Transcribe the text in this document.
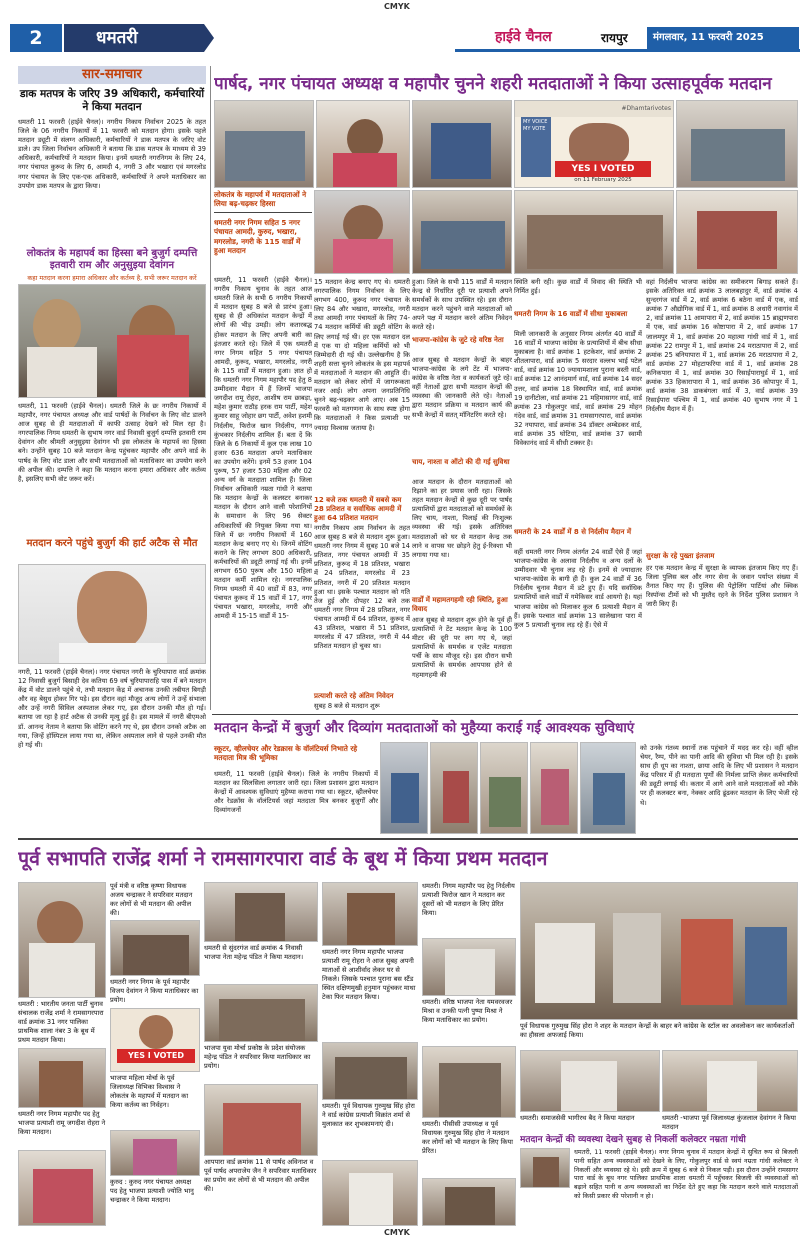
CMYK
2	धमतरी	हाईवे चैनल	रायपुर	मंगलवार, 11 फरवरी 2025
सार-समाचार
डाक मतपत्र के जरिए 39 अधिकारी, कर्मचारियों ने किया मतदान
धमतरी 11 फरवरी (हाईवे चैनल)। नगरीय निकाय निर्वाचन 2025 के तहत जिले के 06 नगरीय निकायों में 11 फरवरी को मतदान होगा। इसके पहले मतदान ड्यूटी में संलग्न अधिकारी, कर्मचारियों ने डाक मतपत्र के जरिए वोट डाले। उप जिला निर्वाचन अधिकारी ने बताया कि डाक मतपत्र के माध्यम से 39 अधिकारी, कर्मचारियों ने मतदान किया। इनमें धमतरी नगरनिगम के लिए 24, नगर पंचायत कुरूद के लिए 6, आमदी 4, नगरी 3 और भखारा एवं मगरलोड नगर पंचायत के लिए एक-एक अधिकारी, कर्मचारियों ने अपने मताधिकार का उपयोग डाक मतपत्र के द्वारा किया।
लोकतंत्र के महापर्व का हिस्सा बने बुजुर्ग दम्पत्ति इतवारी राम और अनुसुइया देवांगन
कहा मतदान करना हमारा अधिकार और कर्तव्य है, सभी जरूर मतदान करें
धमतरी, 11 फरवरी (हाईवे चैनल)। धमतरी जिले के छः नगरीय निकायों में महापौर, नगर पंचायत अध्यक्ष और वार्ड पार्षदों के निर्वाचन के लिए वोट डालने आज सुबह से ही मतदाताओं में काफी उत्साह देखने को मिल रहा है। नगरपालिक निगम धमतरी के सुभाष नगर वार्ड निवासी बुजुर्ग दम्पत्ति इतवारी राम देवांगन और श्रीमती अनुसुइया देवांगन भी इस लोकतंत्र के महापर्व का हिस्सा बने। उन्होंने सुबह 10 बजे मतदान केन्द्र पहुंचकर महापौर और अपने वार्ड के पार्षद के लिए वोट डाला और सभी मतदाताओं को मताधिकार का उपयोग करने की अपील की। दम्पत्ति ने कहा कि मतदान करना हमारा अधिकार और कर्तव्य है, इसलिए सभी वोट जरूर करें।
मतदान करने पहुंचे बुजुर्ग की हार्ट अटैक से मौत
नगरी, 11 फरवरी (हाईवे चैनल)। नगर पंचायत नगरी के चुरियापारा वार्ड क्रमांक 12 निवासी बुजुर्ग बिसाही देव कतिया 69 वर्ष चुरियापाराहि पास में बने मतदान केंद्र में वोट डालने पहुंचे थे, तभी मतदान केंद्र में अचानक उनकी तबीयत बिगड़ी और वह बेसुध होकर गिर पड़े। इस दौरान वहां मौजूद अन्य लोगों ने उन्हें संभाला और उन्हें नगरी सिविल अस्पताल लेकर गए, इस दौरान उनकी मौत हो गई। बताया जा रहा है हार्ट अटैक से उनकी मृत्यु हुई है। इस मामले में नगरी बीएमओ डॉ. आनन्द नेताम ने बताया कि वोटिंग करने गए थे, इस दौरान उनको अटैक आ गया, जिन्हें हॉस्पिटल लाया गया था, लेकिन अस्पताल लाने से पहले उनकी मौत हो गई थी।
पार्षद, नगर पंचायत अध्यक्ष व महापौर चुनने शहरी मतदाताओं ने किया उत्साहपूर्वक मतदान
#Dhamtarivotes
MY VOICE MY VOTE
YES I VOTED
on 11 February 2025
लोकतंत्र के महापर्व में मतदाताओं ने लिया बढ़-चढ़कर हिस्सा
धमतरी नगर निगम सहित 5 नगर पंचायत आमदी, कुरुद, भखारा, मगरलोड, नगरी के 115 वार्डों में हुआ मतदान
धमतरी, 11 फरवरी (हाईवे चैनल)। नगरीय निकाय चुनाव के तहत आज धमतरी जिले के सभी 6 नगरीय निकायों में मतदान सुबह 8 बजे से प्रारंभ हुआ। सुबह से ही अधिकांश मतदान केन्द्रों में लोगों की भीड़ उमड़ी। लोग कतारबद्ध होकर मतदान के लिए अपनी बारी का इंतजार करते रहे। जिले में एक धमतरी नगर निगम सहित 5 नगर पंचायत आमदी, कुरूद, भखारा, मगरलोड, नगरी के 115 वार्डों में मतदान हुआ। ज्ञात हो कि धमतरी नगर निगम महापौर पद हेतु 8 उम्मीदवार मैदान में हैं जिनमें भाजपा जगदीश रामू रोहरा, आशीष राम छाबड़ा, महेश कुमार राठौड़ हरक राम पार्टी, महेश कुमार साहू जोहार छग पार्टी, अवेश हशमी निर्दलीय, फिरोज खान निर्दलीय, गगन कुंभकार निर्दलीय शामिल हैं। बता दें कि जिले के 6 निकायों में कुल एक लाख 10 हजार 636 मतदाता अपने मताधिकार का उपयोग करेंगे। इनमें 53 हजार 104 पुरूष, 57 हजार 530 महिला और 02 अन्य वर्ग के मतदाता शामिल हैं। जिला निर्वाचन अधिकारी नम्रता गांधी ने बताया कि मतदान केन्द्रों के कलस्टर बनाकर मतदान के दौरान आने वाली परेशानियों के समाधान के लिए 96 सेक्टर अधिकारियों की नियुक्त किया गया था। जिले में छः नगरीय निकायों में 160 मतदान केन्द्र बनाए गए थे। जिनमें वोटिंग कराने के लिए लगभग 800 अधिकारी, कर्मचारियों की ड्यूटी लगाई गई थी। इनमें लगभग 650 पुरूष और 150 महिला मतदान कर्मी शामिल रहे। नगरपालिक निगम धमतरी में 40 वार्डों में 83, नगर पंचायत कुरूद में 15 वार्डों में 17, नगर पंचायत भखारा, मगरलोड, नगरी और आमदी में 15-15 वार्डों में 15-
15 मतदान केन्द्र बनाए गए थे। धमतरी नगरपालिक निगम निर्वाचन के लिए लगभग 400, कुरूद नगर पंचायत के लिए 84 और भखारा, मगरलोड, नगरी तथा आमदी नगर पंचायतों के लिए 74-74 मतदान कर्मियों की ड्यूटी वोटिंग के लिए लगाई गई थी। हर एक मतदान दल में एक या दो महिला कर्मियों को भी जिम्मेदारी दी गई थी। उल्लेखनीय है कि शहरी सत्ता चुनने लोकतंत्र के इस महापर्व में मतदाताओं ने मतदान की आहुति दी। मतदान को लेकर लोगों में जागरूकता नजर आई। लोग अपना जनप्रतिनिधि चुनने बढ़-चढ़कर आगे आए। अब 15 फरवरी को मतगणना के साथ स्पष्ट होगा कि मतदाताओं ने किस प्रत्याशी पर ज्यादा विश्वास जताया है।
12 बजे तक धमतरी में सबसे कम 28 प्रतिशत व सर्वाधिक आमदी में हुआ 64 प्रतिशत मतदान
नगरीय निकाय आम निर्वाचन के तहत आज सुबह 8 बजे से मतदान शुरू हुआ। धमतरी नगर निगम में सुबह 10 बजे 14 प्रतिशत, नगर पंचायत आमदी में 35 प्रतिशत, कुरूद में 18 प्रतिशत, भखारा में 24 प्रतिशत, मगरलोड में 23 प्रतिशत, नगरी में 20 प्रतिशत मतदान हुआ था। इसके पश्चात मतदान को गति तेज हुई और दोपहर 12 बजे तक धमतरी नगर निगम में 28 प्रतिशत, नगर पंचायत आमदी में 64 प्रतिशत, कुरूद में 43 प्रतिशत, भखारा में 51 प्रतिशत, मगरलोड में 47 प्रतिशत, नगरी में 44 प्रतिशत मतदान हो चुका था।
प्रत्याशी करते रहे अंतिम निवेदन
सुबह 8 बजे से मतदान शुरू
हुआ। जिले के सभी 115 वार्डों में मतदान केन्द्र से निर्धारित दूरी पर प्रत्याशी अपने समर्थकों के साथ उपस्थित रहे। इस दौरान मतदान करने पहुंचने वाले मतदाताओं को अपने पक्ष में मतदान करने अंतिम निवेदन करते रहे।
भाजपा-कांग्रेस के जुटे रहे वरिष्ठ नेता
आज सुबह से मतदान केन्द्रों के बाहर भाजपा-कांग्रेस के लगे टेंट में भाजपा-कांग्रेस के वरिष्ठ नेता व कार्यकर्ता जुटे रहे। वहीं नेताओं द्वारा सभी मतदान केन्द्रों की व्यवस्था की जानकारी लेते रहे। नेताओं द्वारा मतदान प्रक्रिया व मतदान कार्य की सभी केन्द्रों में सतत् मॉनिटरिंग करते रहे।
चाय, नाश्ता व ऑटो की दी गई सुविधा
आज मतदान के दौरान मतदाताओं को रिझाने का हर प्रयास जारी रहा। जिसके तहत मतदान केन्द्रों से कुछ दूरी पर पार्षद प्रत्याशियों द्वारा मतदाताओं को समर्थकों के लिए चाय, नाश्ता, पिलाई की निःशुल्क व्यवस्था की गई। इसके अतिरिक्त मतदाताओं को घर से मतदान केन्द्र तक लाने व वापस घर छोड़ने हेतु ई-रिक्शा भी लगाया गया था।
वार्डों में महामतगहमी रही स्थिति, हुआ विवाद
आज सुबह से मतदान शुरू होने के पूर्व ही प्रत्याशियों ने टेंट मतदान केन्द्र के 100 मीटर की दूरी पर लग गए थे, जहां प्रत्याशियों के समर्थक व एजेंट मतदाता पर्ची के साथ मौजूद रहे। इस दौरान सभी प्रत्याशियों के समर्थक आपपास होने से गहमागहमी की
स्थिति बनी रही। कुछ वार्डों में विवाद की स्थिति भी निर्मित हुई।
धमतरी निगम के 16 वार्डों में सीधा मुकाबला
मिली जानकारी के अनुसार निगम अंतर्गत 40 वार्डों में 16 वार्डों में भाजपा कांग्रेस के प्रत्याशियों में बीच सीधा मुकाबला है। वार्ड क्रमांक 1 हटकेशर, वार्ड क्रमांक 2 शीतलापारा, वार्ड क्रमांक 5 सरदार वल्लभ भाई पटेल वार्ड, वार्ड क्रमांक 10 ज्यायामशाला पुराना बस्ती वार्ड, वार्ड क्रमांक 12 आनंदमार्ग वार्ड, वार्ड क्रमांक 14 सदर उत्तर, वार्ड क्रमांक 18 विस्थापित वार्ड, वार्ड क्रमांक 19 दानीटोला, वार्ड क्रमांक 21 महिमासागर वार्ड, वार्ड क्रमांक 23 गोकुलपुर वार्ड, वार्ड क्रमांक 29 मोहन गंदेव वार्ड, वार्ड क्रमांक 31 रामसागरपारा, वार्ड क्रमांक 32 नयापारा, वार्ड क्रमांक 34 डॉक्टर अम्बेडकर वार्ड, वार्ड क्रमांक 35 घोटिया, वार्ड क्रमांक 37 स्वामी विवेकानंद वार्ड में सीधी टक्कर है।
धमतरी के 24 वार्डों में 8 से निर्दलीय मैदान में
वहीं धमतरी नगर निगम अंतर्गत 24 वार्डों ऐसे हैं जहां भाजपा-कांग्रेस के अलावा निर्दलीय व अन्य दलों के उम्मीदवार भी चुनाव लड़ रहे हैं। इनमें से ज्यादातर भाजपा-कांग्रेस के बागी ही हैं। कुल 24 वार्डों में 36 निर्दलीय चुनाव मैदान में डटे हुए हैं। यदि सर्वाधिक प्रत्याशियों वाले वार्डों में गमेकिसर वार्ड आयगो है। यहां भाजपा कांग्रेस को मिलाकर कुल 6 प्रत्याशी मैदान में हैं। इसके पश्चात वार्ड क्रमांक 13 सालेखाना पारा में कुल 5 प्रत्याशी चुनाव लड़ रहे हैं। ऐसे में
वहां निर्दलीय भाजपा कांग्रेस का समीकरण बिगाड़ सकते हैं। इसके अतिरिक्त वार्ड क्रमांक 3 लालबहादुर में, वार्ड क्रमांक 4 सुन्दरगंज वार्ड में 2, वार्ड क्रमांक 6 बठेना वार्ड में एक, वार्ड क्रमांक 7 औद्योगिक वार्ड में 1, वार्ड क्रमांक 8 अधारी नवागांव में 2, वार्ड क्रमांक 11 आमापारा में 2, वार्ड क्रमांक 15 ब्राह्मणपारा में एक, वार्ड क्रमांक 16 कोष्टापारा में 2, वार्ड क्रमांक 17 जालमपुर में 1, वार्ड क्रमांक 20 महात्मा गांधी वार्ड में 1, वार्ड क्रमांक 22 रामपुर में 1, वार्ड क्रमांक 24 मराठापारा में 2, वार्ड क्रमांक 25 बनियापारा में 1, वार्ड क्रमांक 26 मराठापारा में 2, वार्ड क्रमांक 27 मोहटाफरिया वार्ड में 1, वार्ड क्रमांक 28 कनिकपारा में 1, वार्ड क्रमांक 30 रिसाईपाराघुर्ड में 1, वार्ड क्रमांक 33 हिकारापारा में 1, वार्ड क्रमांक 36 कोपापुर में 1, वार्ड क्रमांक 38 डाकबंगला वार्ड में 3, वार्ड क्रमांक 39 रिसाईपारा पश्चिम में 1, वार्ड क्रमांक 40 सुभाष नगर में 1 निर्दलीय मैदान में हैं।
सुरक्षा के रहे पुख्ता इंतजाम
हर एक मतदान केन्द्र में सुरक्षा के व्यापक इंतजाम किए गए हैं। जिला पुलिस बल और नगर सेना के जवान पर्याप्त संख्या में तैनात किए गए हैं। पुलिस की पेट्रोलिंग पार्टियां और क्विक रिस्पॉन्स टीमों को भी मुस्तैद रहने के निर्देश पुलिस प्रशासन ने जारी किए हैं।
मतदान केन्द्रों में बुजुर्ग और दिव्यांग मतदाताओं को मुहैय्या कराई गई आवश्यक सुविधाएं
स्कूटर, व्हीलचेयर और रेडक्रास के वॉलंटियर्स निभाते रहे मतदाता मित्र की भूमिका
धमतरी, 11 फरवरी (हाईवे चैनल)। जिले के नगरीय निकायों में मतदान का सिलसिला लगातार जारी रहा। जिला प्रशासन द्वारा मतदान केन्द्रों में आवश्यक सुविधाएं मुहैय्या कराया गया था। स्कूटर, व्हीलचेयर और रेडक्रॉस के वॉलंटियर्स जहां मतदाता मित्र बनकर बुजुर्गों और दिव्यांगजनों
को उनके गंतव्य स्थानों तक पहुंचाने में मदद कर रहे। वहीं व्हील चेयर, रैम्प, पीने का पानी आदि की सुविधा भी मिल रही है। इसके साथ ही धूप का नाश्ता, छाया आदि के लिए भी प्रशासन ने मतदान केंद्र परिसर में ही मतदाता पूर्णों की निर्मला प्राप्ति लेकर कर्मचारियों की ड्यूटी लगाई थी। कतार में आगे आने वाले मतदाताओं को मौके पर ही कलक्टर बना, नेक्कर आदि ढूंढकर मतदान के लिए भेजी रहे थे।
पूर्व सभापति राजेंद्र शर्मा ने रामसागरपारा वार्ड के बूथ में किया प्रथम मतदान
धमतरी : भारतीय जनता पार्टी चुनाव संचालक राजेंद्र शर्मा ने रामसागरपारा वार्ड क्रमांक 31 नगर पालिका प्राथमिक शाला नंबर 3 के बूथ में प्रथम मतदान किया।
धमतरी नगर निगम महापौर पद हेतु भाजपा प्रत्याशी रामू जगदीश रोहरा ने किया मतदान।
पूर्व मंत्री व वरिष्ठ कृष्णा विधायक अजय चन्द्राकर ने सपरिवार मतदान कर लोगों से भी मतदान की अपील की।
धमतरी नगर निगम के पूर्व महापौर विजय देवांगन ने किया मताधिकार का प्रयोग।
YES I VOTED
भाजपा महिला मोर्चा के पूर्व जिलाध्यक्ष विभिका विश्वास ने लोकतंत्र के महापर्व में मतदान का किया कर्तव्य का निर्वहन।
कुरुद : कुरुद नगर पंचायत अध्यक्ष पद हेतु भाजपा प्रत्याशी ज्योति भानु चन्द्राकर ने किया मतदान।
धमतरी से सुंदरगंज वार्ड क्रमांक 4 निवासी भाजपा नेता महेन्द्र पंडित ने किया मतदान।
भाजपा युवा मोर्चा प्रकोष्ठ के प्रदेश संयोजक महेन्द्र पंडित ने सपरिवार किया मताधिकार का प्रयोग।
आपपारा वार्ड क्रमांक 11 से पार्षद अविनाश व पूर्व पार्षद अपराजेय जैन ने सपरिवार मताधिकार का प्रयोग कर लोगों से भी मतदान की अपील की।
धमतरी नगर निगम महापौर भाजपा प्रत्याशी रामू रोहरा ने आज सुबह अपनी माताओं से आशीर्वाद लेकर घर से निकले। जिसके पश्चात पुराना बस स्टैंड स्थित दक्षिणमुखी हनुमान पहुंचकर माथा टेका फिर मतदान किया।
धमतरी। पूर्व विधायक गुरुमुख सिंह होरा ने वार्ड कांग्रेस प्रत्याशी विक्रांत शर्मा से मुलाकात कर शुभकामनाएं दी।
धमतरी। निगम महापौर पद हेतु निर्दलीय प्रत्याशी फिरोज खान ने मतदान कर दूसरों को भी मतदान के लिए प्रेरित किया।
धमतरी। वरिष्ठ भाजपा नेता यमवरवजर मिश्रा व उनकी पत्नी पुष्पा मिश्रा ने किया मताधिकार का प्रयोग।
धमतरी। पीसीसी उपाध्यक्ष व पूर्व विधायक गुरुमुख सिंह होरा ने मतदान कर लोगों को भी मतदान के लिए किया प्रेरित।
पूर्व विधायक गुरुमुख सिंह होरा ने शहर के मतदान केन्द्रों के बाहर बने कांग्रेस के स्टॉल का अवलोकन कर कार्यकर्ताओं का हौसला अफजाई किया।
धमतरी। समाजसेवी भागीरथ बैद ने किया मतदान	धमतरी -भाजपा पूर्व जिलाध्यक्ष कुंजलाल देवांगन ने किया मतदान
मतदान केन्द्रों की व्यवस्था देखने सुबह से निकलीं कलेक्टर नम्रता गांधी
धमतरी, 11 फरवरी (हाईवे चैनल)। नगर निगम चुनाव में मतदान केन्द्रों में सुचित रूप से बिजली पानी सहित अन्य व्यवस्थाओं को देखने के लिए, गोकुलपुर वार्ड से स्वयं नम्रता गांधी कलेक्टर ने निकलीं और व्यवस्था रहे थे। इसी क्रम में सुबह 6 बजे से निकल पड़ी। इस दौरान उन्होंने रामसागर पारा वार्ड के बूथ नगर पालिका प्राथमिक शाला धमतरी में पहुँचकर बिजली की व्यवस्थाओं को बढ़ाने सहित पानी व अन्य व्यवस्थाओं का निर्देश देते हुए कहा कि मतदान करने वाले मतदाताओं को किसी प्रकार की परेशानी न हो।
CMYK
